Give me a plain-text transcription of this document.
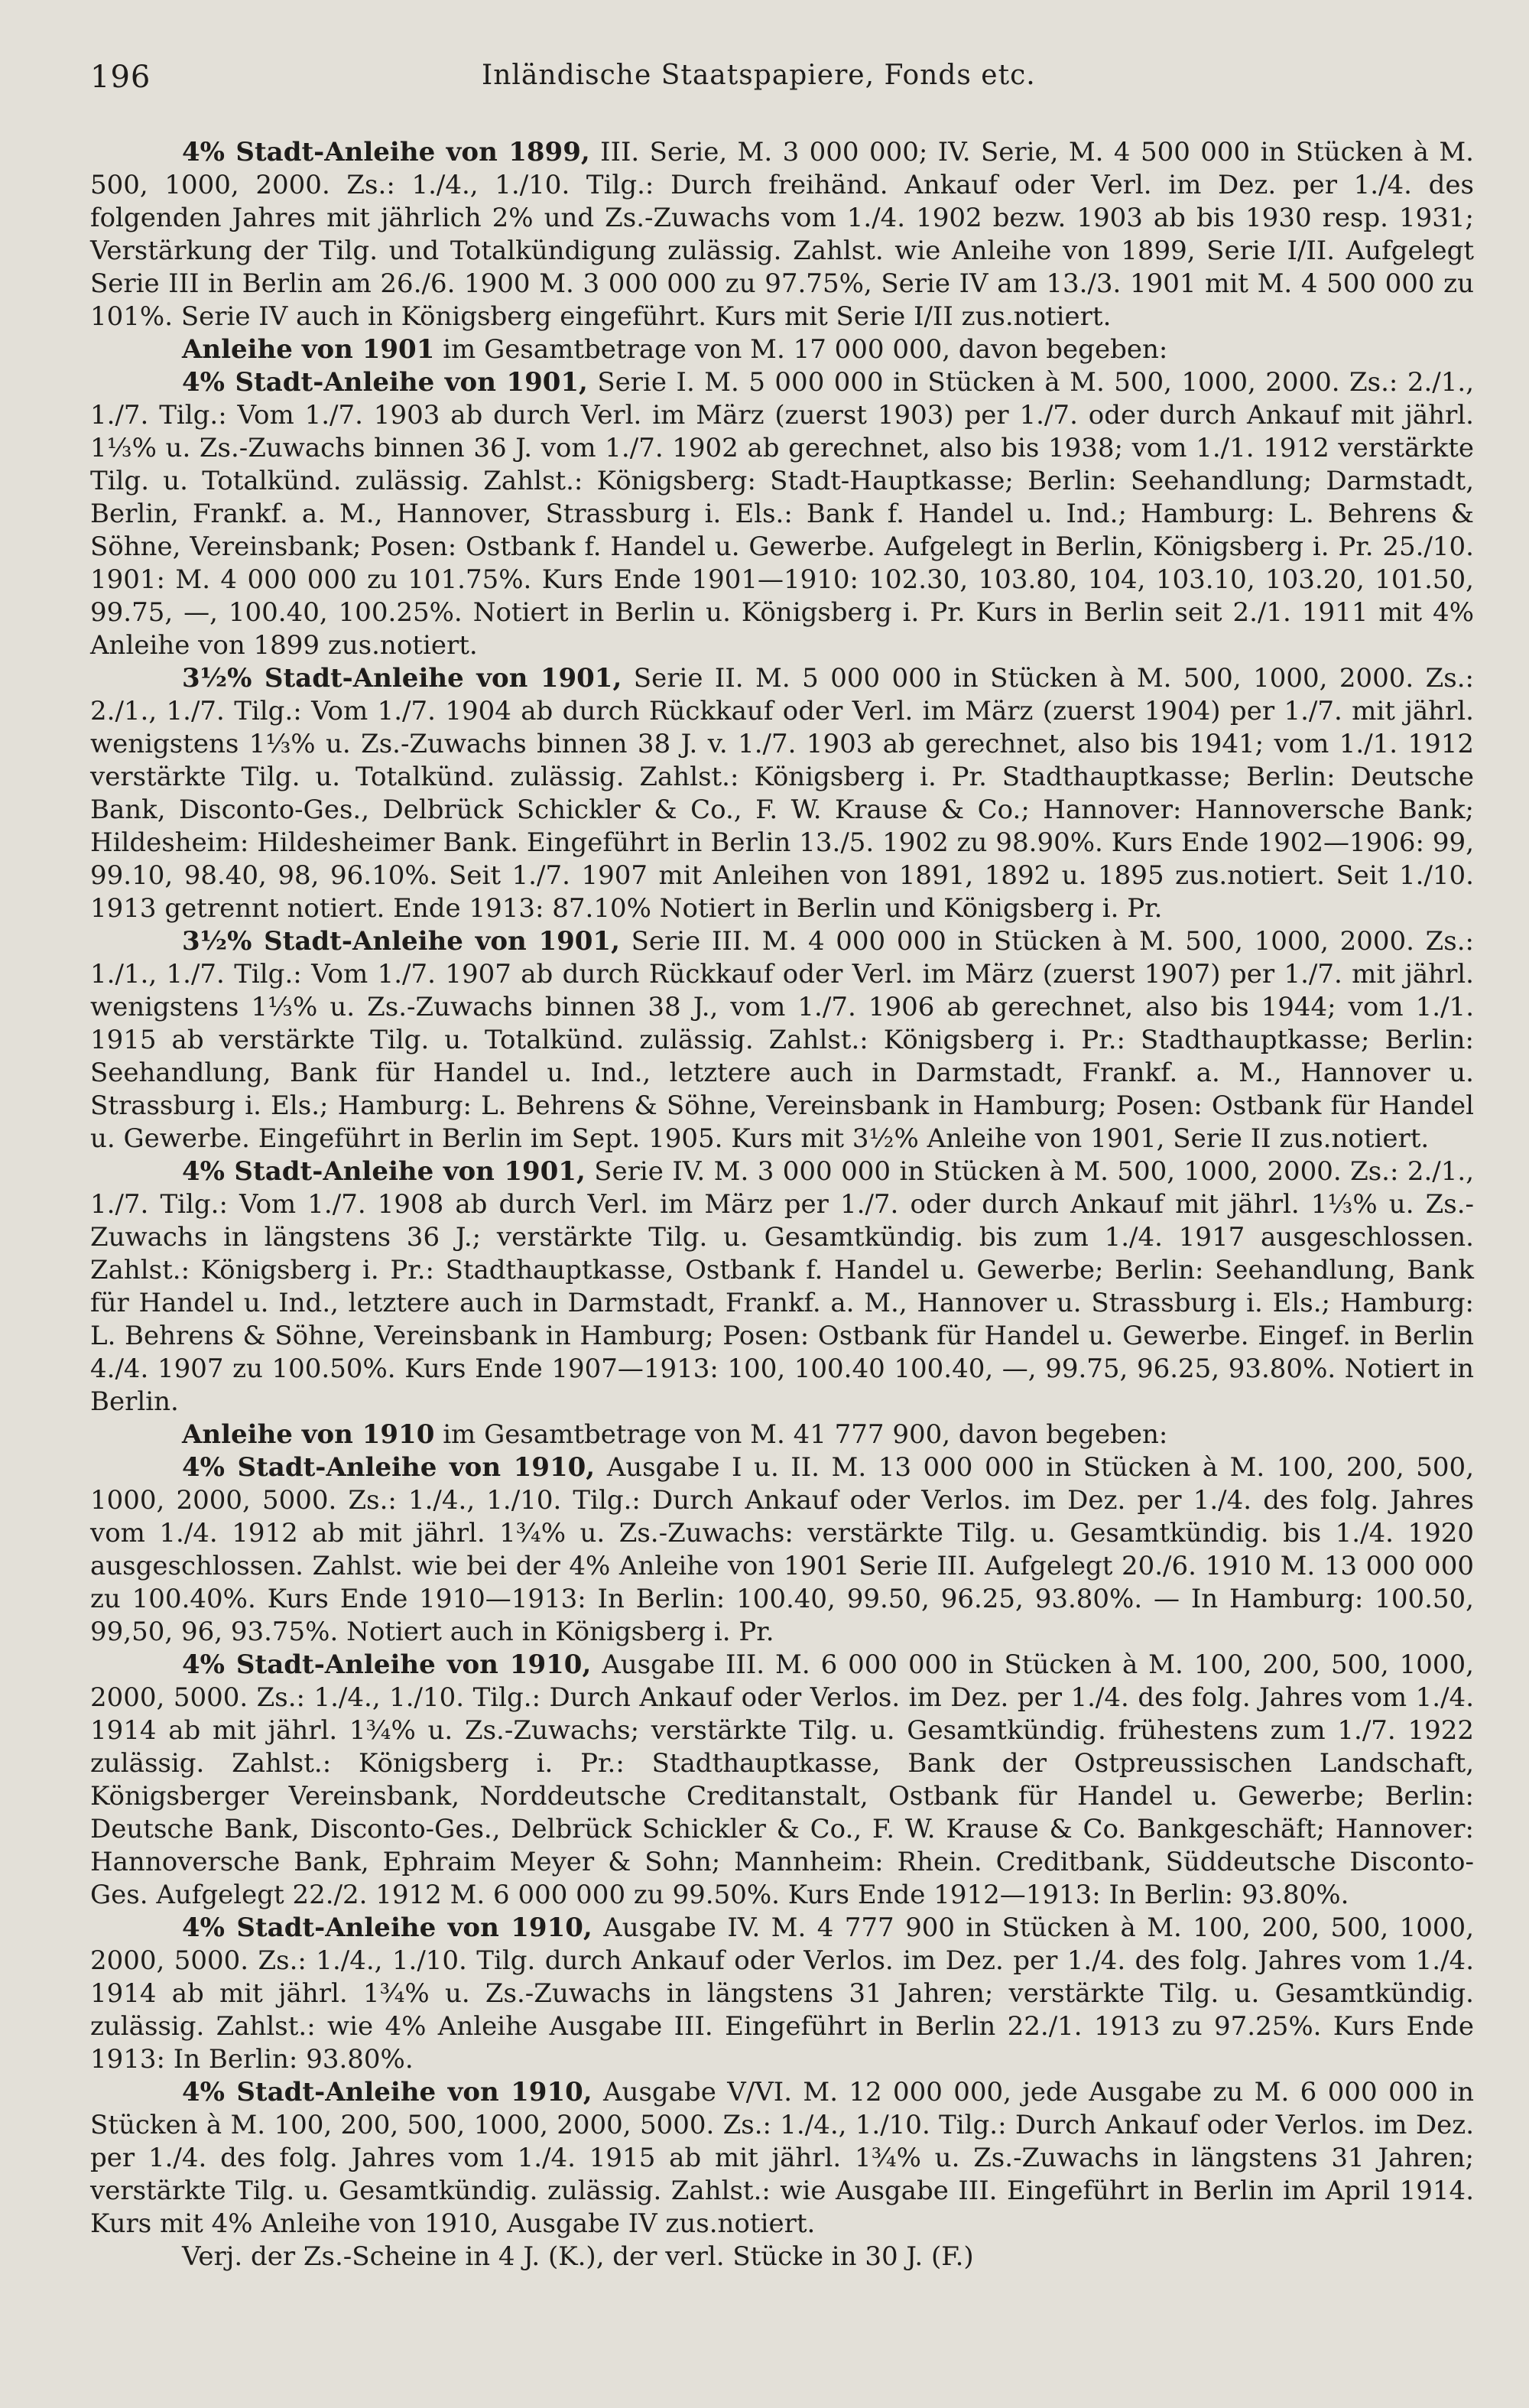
196	Inländische Staatspapiere, Fonds etc.

4% Stadt-Anleihe von 1899, III. Serie, M. 3 000 000; IV. Serie, M. 4 500 000 in Stücken à M. 500, 1000, 2000. Zs.: 1./4., 1./10. Tilg.: Durch freihänd. Ankauf oder Verl. im Dez. per 1./4. des folgenden Jahres mit jährlich 2% und Zs.-Zuwachs vom 1./4. 1902 bezw. 1903 ab bis 1930 resp. 1931; Verstärkung der Tilg. und Totalkündigung zulässig. Zahlst. wie Anleihe von 1899, Serie I/II. Aufgelegt Serie III in Berlin am 26./6. 1900 M. 3 000 000 zu 97.75%, Serie IV am 13./3. 1901 mit M. 4 500 000 zu 101%. Serie IV auch in Königsberg eingeführt. Kurs mit Serie I/II zus.notiert.

Anleihe von 1901 im Gesamtbetrage von M. 17 000 000, davon begeben:

4% Stadt-Anleihe von 1901, Serie I. M. 5 000 000 in Stücken à M. 500, 1000, 2000. Zs.: 2./1., 1./7. Tilg.: Vom 1./7. 1903 ab durch Verl. im März (zuerst 1903) per 1./7. oder durch Ankauf mit jährl. 1⅓% u. Zs.-Zuwachs binnen 36 J. vom 1./7. 1902 ab gerechnet, also bis 1938; vom 1./1. 1912 verstärkte Tilg. u. Totalkünd. zulässig. Zahlst.: Königsberg: Stadt-Hauptkasse; Berlin: Seehandlung; Darmstadt, Berlin, Frankf. a. M., Hannover, Strassburg i. Els.: Bank f. Handel u. Ind.; Hamburg: L. Behrens & Söhne, Vereinsbank; Posen: Ostbank f. Handel u. Gewerbe. Aufgelegt in Berlin, Königsberg i. Pr. 25./10. 1901: M. 4 000 000 zu 101.75%. Kurs Ende 1901—1910: 102.30, 103.80, 104, 103.10, 103.20, 101.50, 99.75, —, 100.40, 100.25%. Notiert in Berlin u. Königsberg i. Pr. Kurs in Berlin seit 2./1. 1911 mit 4% Anleihe von 1899 zus.notiert.

3½% Stadt-Anleihe von 1901, Serie II. M. 5 000 000 in Stücken à M. 500, 1000, 2000. Zs.: 2./1., 1./7. Tilg.: Vom 1./7. 1904 ab durch Rückkauf oder Verl. im März (zuerst 1904) per 1./7. mit jährl. wenigstens 1⅓% u. Zs.-Zuwachs binnen 38 J. v. 1./7. 1903 ab gerechnet, also bis 1941; vom 1./1. 1912 verstärkte Tilg. u. Totalkünd. zulässig. Zahlst.: Königsberg i. Pr. Stadthauptkasse; Berlin: Deutsche Bank, Disconto-Ges., Delbrück Schickler & Co., F. W. Krause & Co.; Hannover: Hannoversche Bank; Hildesheim: Hildesheimer Bank. Eingeführt in Berlin 13./5. 1902 zu 98.90%. Kurs Ende 1902—1906: 99, 99.10, 98.40, 98, 96.10%. Seit 1./7. 1907 mit Anleihen von 1891, 1892 u. 1895 zus.notiert. Seit 1./10. 1913 getrennt notiert. Ende 1913: 87.10% Notiert in Berlin und Königsberg i. Pr.

3½% Stadt-Anleihe von 1901, Serie III. M. 4 000 000 in Stücken à M. 500, 1000, 2000. Zs.: 1./1., 1./7. Tilg.: Vom 1./7. 1907 ab durch Rückkauf oder Verl. im März (zuerst 1907) per 1./7. mit jährl. wenigstens 1⅓% u. Zs.-Zuwachs binnen 38 J., vom 1./7. 1906 ab gerechnet, also bis 1944; vom 1./1. 1915 ab verstärkte Tilg. u. Totalkünd. zulässig. Zahlst.: Königsberg i. Pr.: Stadthauptkasse; Berlin: Seehandlung, Bank für Handel u. Ind., letztere auch in Darmstadt, Frankf. a. M., Hannover u. Strassburg i. Els.; Hamburg: L. Behrens & Söhne, Vereinsbank in Hamburg; Posen: Ostbank für Handel u. Gewerbe. Eingeführt in Berlin im Sept. 1905. Kurs mit 3½% Anleihe von 1901, Serie II zus.notiert.

4% Stadt-Anleihe von 1901, Serie IV. M. 3 000 000 in Stücken à M. 500, 1000, 2000. Zs.: 2./1., 1./7. Tilg.: Vom 1./7. 1908 ab durch Verl. im März per 1./7. oder durch Ankauf mit jährl. 1⅓% u. Zs.-Zuwachs in längstens 36 J.; verstärkte Tilg. u. Gesamtkündig. bis zum 1./4. 1917 ausgeschlossen. Zahlst.: Königsberg i. Pr.: Stadthauptkasse, Ostbank f. Handel u. Gewerbe; Berlin: Seehandlung, Bank für Handel u. Ind., letztere auch in Darmstadt, Frankf. a. M., Hannover u. Strassburg i. Els.; Hamburg: L. Behrens & Söhne, Vereinsbank in Hamburg; Posen: Ostbank für Handel u. Gewerbe. Eingef. in Berlin 4./4. 1907 zu 100.50%. Kurs Ende 1907—1913: 100, 100.40 100.40, —, 99.75, 96.25, 93.80%. Notiert in Berlin.

Anleihe von 1910 im Gesamtbetrage von M. 41 777 900, davon begeben:

4% Stadt-Anleihe von 1910, Ausgabe I u. II. M. 13 000 000 in Stücken à M. 100, 200, 500, 1000, 2000, 5000. Zs.: 1./4., 1./10. Tilg.: Durch Ankauf oder Verlos. im Dez. per 1./4. des folg. Jahres vom 1./4. 1912 ab mit jährl. 1¾% u. Zs.-Zuwachs: verstärkte Tilg. u. Gesamtkündig. bis 1./4. 1920 ausgeschlossen. Zahlst. wie bei der 4% Anleihe von 1901 Serie III. Aufgelegt 20./6. 1910 M. 13 000 000 zu 100.40%. Kurs Ende 1910—1913: In Berlin: 100.40, 99.50, 96.25, 93.80%. — In Hamburg: 100.50, 99,50, 96, 93.75%. Notiert auch in Königsberg i. Pr.

4% Stadt-Anleihe von 1910, Ausgabe III. M. 6 000 000 in Stücken à M. 100, 200, 500, 1000, 2000, 5000. Zs.: 1./4., 1./10. Tilg.: Durch Ankauf oder Verlos. im Dez. per 1./4. des folg. Jahres vom 1./4. 1914 ab mit jährl. 1¾% u. Zs.-Zuwachs; verstärkte Tilg. u. Gesamtkündig. frühestens zum 1./7. 1922 zulässig. Zahlst.: Königsberg i. Pr.: Stadthauptkasse, Bank der Ostpreussischen Landschaft, Königsberger Vereinsbank, Norddeutsche Creditanstalt, Ostbank für Handel u. Gewerbe; Berlin: Deutsche Bank, Disconto-Ges., Delbrück Schickler & Co., F. W. Krause & Co. Bankgeschäft; Hannover: Hannoversche Bank, Ephraim Meyer & Sohn; Mannheim: Rhein. Creditbank, Süddeutsche Disconto-Ges. Aufgelegt 22./2. 1912 M. 6 000 000 zu 99.50%. Kurs Ende 1912—1913: In Berlin: 93.80%.

4% Stadt-Anleihe von 1910, Ausgabe IV. M. 4 777 900 in Stücken à M. 100, 200, 500, 1000, 2000, 5000. Zs.: 1./4., 1./10. Tilg. durch Ankauf oder Verlos. im Dez. per 1./4. des folg. Jahres vom 1./4. 1914 ab mit jährl. 1¾% u. Zs.-Zuwachs in längstens 31 Jahren; verstärkte Tilg. u. Gesamtkündig. zulässig. Zahlst.: wie 4% Anleihe Ausgabe III. Eingeführt in Berlin 22./1. 1913 zu 97.25%. Kurs Ende 1913: In Berlin: 93.80%.

4% Stadt-Anleihe von 1910, Ausgabe V/VI. M. 12 000 000, jede Ausgabe zu M. 6 000 000 in Stücken à M. 100, 200, 500, 1000, 2000, 5000. Zs.: 1./4., 1./10. Tilg.: Durch Ankauf oder Verlos. im Dez. per 1./4. des folg. Jahres vom 1./4. 1915 ab mit jährl. 1¾% u. Zs.-Zuwachs in längstens 31 Jahren; verstärkte Tilg. u. Gesamtkündig. zulässig. Zahlst.: wie Ausgabe III. Eingeführt in Berlin im April 1914. Kurs mit 4% Anleihe von 1910, Ausgabe IV zus.notiert.

Verj. der Zs.-Scheine in 4 J. (K.), der verl. Stücke in 30 J. (F.)
